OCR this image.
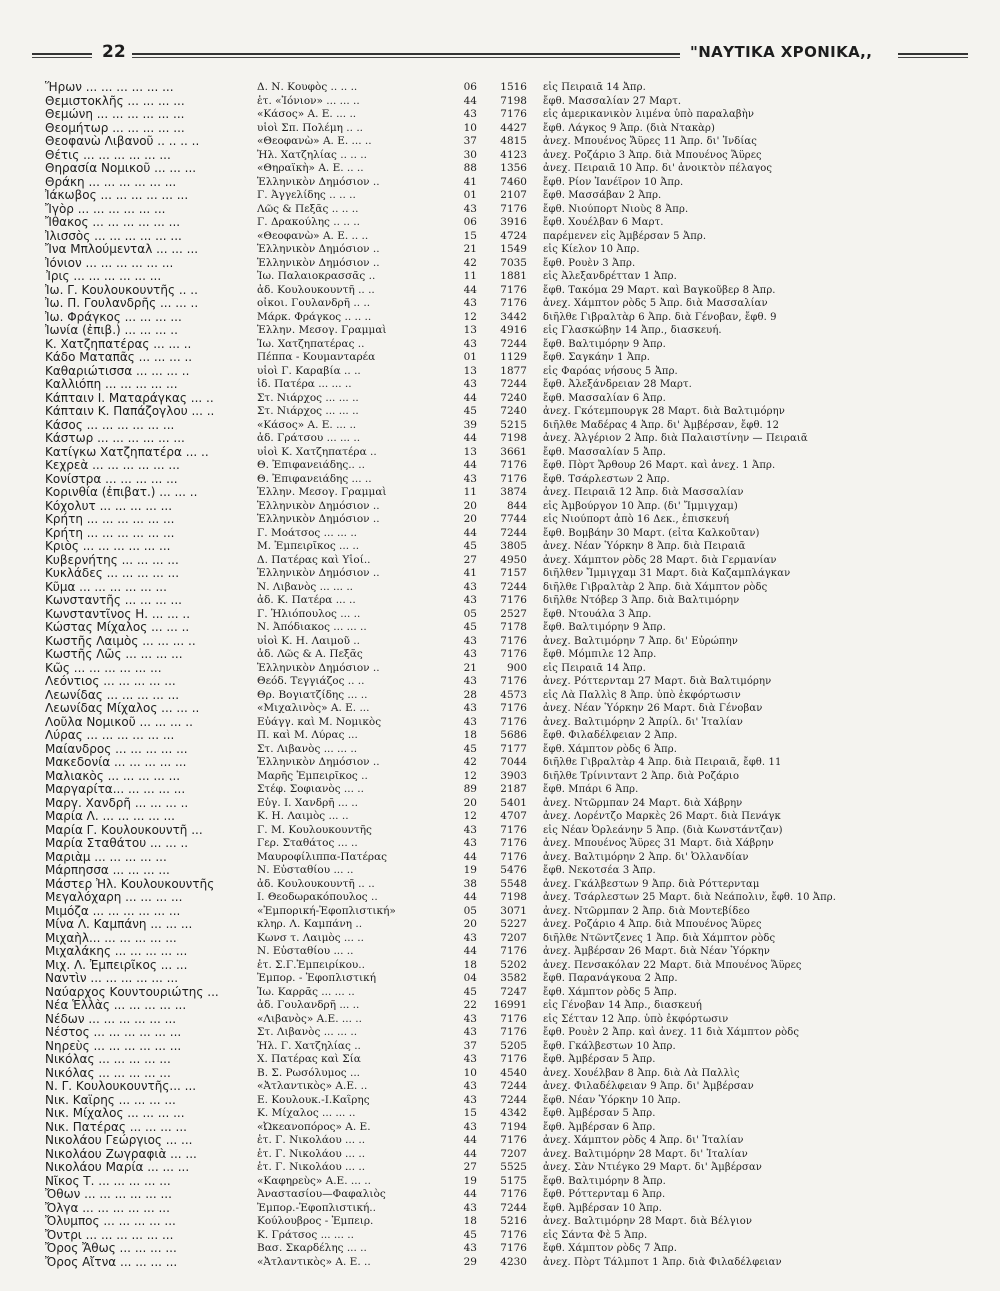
22	"ΝΑΥΤΙΚΑ ΧΡΟΝΙΚΑ,,
Ἥρων ... ... ... ... ... ...	Δ. Ν. Κουφὸς .. .. ..	06	1516 εἰς Πειραιᾶ 14 Ἀπρ.
Θεμιστοκλῆς ... ... ... ...	ἑτ. «Ἰόνιον» ... ... ..	44	7198 ἔφθ. Μασσαλίαν 27 Μαρτ.
Θεμώνη ... ... ... ... ... ...	«Κάσος» Α. Ε. ... ..	43	7176 εἰς ἀμερικανικὸν λιμένα ὑπὸ παραλαβὴν
Θεομήτωρ ... ... ... ... ...	υἱοὶ Σπ. Πολέμη .. ..	10	4427 ἔφθ. Λάγκος 9 Ἀπρ. (διὰ Ντακὰρ)
Θεοφανὼ Λιβανοῦ .. .. .. ..	«Θεοφανὼ» Α. Ε. ... ..	37	4815 ἀνεχ. Μπουένος Ἄϋρες 11 Ἀπρ. δι' Ἰνδίας
Θέτις ... ... ... ... ... ...	Ἠλ. Χατζηλίας .. .. ..	30	4123 ἀνεχ. Ροζάριο 3 Ἀπρ. διὰ Μπουένος Ἄϋρες
Θηρασία Νομικοῦ ... ... ...	«Θηραϊκὴ» Α. Ε. .. ..	88	1356 ἀνεχ. Πειραιᾶ 10 Ἀπρ. δι' ἀνοικτὸν πέλαγος
Θράκη ... ... ... ... ... ...	Ἑλληνικὸν Δημόσιον ..	41	7460 ἔφθ. Ρίον Ἰανέϊρον 10 Ἀπρ.
Ἰάκωβος ... ... ... ... ... ...	Γ. Ἀγγελίδης .. .. ..	01	2107 ἔφθ. Μασσάβαν 2 Ἀπρ.
Ἴγὸρ ... ... ... ... ... ...	Λῶς & Πεξᾶς .. .. ..	43	7176 ἔφθ. Νιούπορτ Νιοὺς 8 Ἀπρ.
Ἴθακος ... ... ... ... ... ...	Γ. Δρακούλης .. .. ..	06	3916 ἔφθ. Χουέλβαν 6 Μαρτ.
Ἰλισσὸς ... ... ... ... ... ...	«Θεοφανὼ» Α. Ε. .. ..	15	4724 παρέμενεν εἰς Ἀμβέρσαν 5 Ἀπρ.
Ἴνα Μπλούμενταλ ... ... ...	Ἑλληνικὸν Δημόσιον ..	21	1549 εἰς Κίελον 10 Ἀπρ.
Ἰόνιον ... ... ... ... ... ...	Ἑλληνικὸν Δημόσιον ..	42	7035 ἔφθ. Ρουὲν 3 Ἀπρ.
Ἶρις ... ... ... ... ... ...	Ἰω. Παλαιοκρασσᾶς ..	11	1881 εἰς Ἀλεξανδρέτταν 1 Ἀπρ.
Ἰω. Γ. Κουλουκουντῆς .. ..	ἀδ. Κουλουκουντῆ .. ..	44	7176 ἔφθ. Τακόμα 29 Μαρτ. καὶ Βαγκοῦβερ 8 Ἀπρ.
Ἰω. Π. Γουλανδρῆς ... ... ..	οἶκοι. Γουλανδρῆ .. ..	43	7176 ἀνεχ. Χάμπτον ρὸδς 5 Ἀπρ. διὰ Μασσαλίαν
Ἰω. Φράγκος ... ... ... ...	Μάρκ. Φράγκος .. .. ..	12	3442 διῆλθε Γιβραλτὰρ 6 Ἀπρ. διὰ Γένοβαν, ἔφθ. 9
Ἰωνία (ἐπιβ.) ... ... ... ..	Ἑλλην. Μεσογ. Γραμμαὶ	13	4916 εἰς Γλασκώβην 14 Ἀπρ., διασκευή.
Κ. Χατζηπατέρας ... ... ..	Ἰω. Χατζηπατέρας ..	43	7244 ἔφθ. Βαλτιμόρην 9 Ἀπρ.
Κάδο Ματαπᾶς ... ... ... ..	Πέππα - Κουμανταρέα	01	1129 ἔφθ. Σαγκάην 1 Ἀπρ.
Καθαριώτισσα ... ... ... ..	υἱοὶ Γ. Καραβία .. ..	13	1877 εἰς Φαρόας νήσους 5 Ἀπρ.
Καλλιόπη ... ... ... ... ...	ἰδ. Πατέρα ... ... ..	43	7244 ἔφθ. Ἀλεξάνδρειαν 28 Μαρτ.
Κάπταιν Ι. Ματαράγκας ... ..	Στ. Νιάρχος ... ... ..	44	7240 ἔφθ. Μασσαλίαν 6 Ἀπρ.
Κάπταιν Κ. Παπάζογλου ... ..	Στ. Νιάρχος ... ... ..	45	7240 ἀνεχ. Γκότεμπουργκ 28 Μαρτ. διὰ Βαλτιμόρην
Κάσος ... ... ... ... ... ...	«Κάσος» Α. Ε. ... ..	39	5215 διῆλθε Μαδέρας 4 Ἀπρ. δι' Ἀμβέρσαν, ἔφθ. 12
Κάστωρ ... ... ... ... ... ...	ἀδ. Γράτσου ... ... ..	44	7198 ἀνεχ. Ἀλγέριον 2 Ἀπρ. διὰ Παλαιστίνην — Πειραιᾶ
Κατίγκω Χατζηπατέρα ... ..	υἱοὶ Κ. Χατζηπατέρα ..	13	3661 ἔφθ. Μασσαλίαν 5 Ἀπρ.
Κεχρεὰ ... ... ... ... ... ...	Θ. Ἐπιφανειάδης.. ..	44	7176 ἔφθ. Πὸρτ Ἄρθουρ 26 Μαρτ. καὶ ἀνεχ. 1 Ἀπρ.
Κονίστρα ... ... ... ... ...	Θ. Ἐπιφανειάδης ... ..	43	7176 ἔφθ. Τσάρλεστων 2 Ἀπρ.
Κορινθία (ἐπιβατ.) ... ... ..	Ἑλλην. Μεσογ. Γραμμαὶ	11	3874 ἀνεχ. Πειραιᾶ 12 Ἀπρ. διὰ Μασσαλίαν
Κόχολυτ ... ... ... ... ...	Ἑλληνικὸν Δημόσιον ..	20	844 εἰς Ἀμβούργον 10 Ἀπρ. (δι' Ἴμμιγχαμ)
Κρήτη ... ... ... ... ... ...	Ἑλληνικὸν Δημόσιον ..	20	7744 εἰς Νιούπορτ ἀπὸ 16 Δεκ., ἐπισκευή
Κρήτη ... ... ... ... ... ...	Γ. Μοάτσος ... ... ..	44	7244 ἔφθ. Βομβάην 30 Μαρτ. (εἶτα Καλκοῦταν)
Κριὸς ... ... ... ... ... ...	Μ. Ἐμπειρῖκος ... ..	45	3805 ἀνεχ. Νέαν Ὑόρκην 8 Ἀπρ. διὰ Πειραιᾶ
Κυβερνήτης ... ... ... ...	Δ. Πατέρας καὶ Υἱοί..	27	4950 ἀνεχ. Χάμπτον ρὸδς 28 Μαρτ. διὰ Γερμανίαν
Κυκλάδες ... ... ... ... ...	Ἑλληνικὸν Δημόσιον ..	41	7157 διῆλθεν Ἴμμιγχαμ 31 Μαρτ. διὰ Καζαμπλάγκαν
Κῦμα ... ... ... ... ... ...	Ν. Λιβανὸς ... ... ..	43	7244 διῆλθε Γιβραλτὰρ 2 Ἀπρ. διὰ Χάμπτον ρὸδς
Κωνσταντῆς ... ... ... ...	ἀδ. Κ. Πατέρα ... ..	43	7176 διῆλθε Ντόβερ 3 Ἀπρ. διὰ Βαλτιμόρην
Κωνσταντῖνος Η. ... ... ..	Γ. Ἡλιόπουλος ... ..	05	2527 ἔφθ. Ντουάλα 3 Ἀπρ.
Κώστας Μίχαλος ... ... ..	Ν. Ἀπόδιακος ... ... ..	45	7178 ἔφθ. Βαλτιμόρην 9 Ἀπρ.
Κωστῆς Λαιμὸς ... ... ... ..	υἱοὶ Κ. Η. Λαιμοῦ ..	43	7176 ἀνεχ. Βαλτιμόρην 7 Ἀπρ. δι' Εὐρώπην
Κωστῆς Λῶς ... ... ... ...	ἀδ. Λῶς & Α. Πεξᾶς	43	7176 ἔφθ. Μόμπιλε 12 Ἀπρ.
Κῶς ... ... ... ... ... ...	Ἑλληνικὸν Δημόσιον ..	21	900 εἰς Πειραιᾶ 14 Ἀπρ.
Λεόντιος ... ... ... ... ...	Θεόδ. Τεγγιάζος .. ..	43	7176 ἀνεχ. Ρόττερνταμ 27 Μαρτ. διὰ Βαλτιμόρην
Λεωνίδας ... ... ... ... ...	Θρ. Βογιατζίδης ... ..	28	4573 εἰς Λὰ Παλλὶς 8 Ἀπρ. ὑπὸ ἐκφόρτωσιν
Λεωνίδας Μίχαλος ... ... ..	«Μιχαλινὸς» Α. Ε. ...	43	7176 ἀνεχ. Νέαν Ὑόρκην 26 Μαρτ. διὰ Γένοβαν
Λοῦλα Νομικοῦ ... ... ... ..	Εὐάγγ. καὶ Μ. Νομικὸς	43	7176 ἀνεχ. Βαλτιμόρην 2 Ἀπρίλ. δι' Ἰταλίαν
Λύρας ... ... ... ... ... ...	Π. καὶ Μ. Λύρας ...	18	5686 ἔφθ. Φιλαδέλφειαν 2 Ἀπρ.
Μαίανδρος ... ... ... ... ...	Στ. Λιβανὸς ... ... ..	45	7177 ἔφθ. Χάμπτον ρὸδς 6 Ἀπρ.
Μακεδονία ... ... ... ... ...	Ἑλληνικὸν Δημόσιον ..	42	7044 διῆλθε Γιβραλτὰρ 4 Ἀπρ. διὰ Πειραιᾶ, ἔφθ. 11
Μαλιακὸς ... ... ... ... ...	Μαρῆς Ἐμπειρῖκος ..	12	3903 διῆλθε Τρίνινταντ 2 Ἀπρ. διὰ Ροζάριο
Μαργαρίτα... ... ... ... ...	Στέφ. Σοφιανὸς ... ..	89	2187 ἔφθ. Μπάρι 6 Ἀπρ.
Μαργ. Χανδρῆ ... ... ... ..	Εὐγ. Ι. Χανδρῆ ... ..	20	5401 ἀνεχ. Ντῶρμπαν 24 Μαρτ. διὰ Χάβρην
Μαρία Λ. ... ... ... ... ...	Κ. Η. Λαιμὸς ... ..	12	4707 ἀνεχ. Λορέντζο Μαρκὲς 26 Μαρτ. διὰ Πενάγκ
Μαρία Γ. Κουλουκουντῆ ...	Γ. Μ. Κουλουκουντῆς	43	7176 εἰς Νέαν Ὀρλεάνην 5 Ἀπρ. (διὰ Κωνστάντζαν)
Μαρία Σταθάτου ... ... ..	Γερ. Σταθάτος ... ..	43	7176 ἀνεχ. Μπουένος Ἄϋρες 31 Μαρτ. διὰ Χάβρην
Μαριὰμ ... ... ... ... ...	Μαυροφίλιππα-Πατέρας	44	7176 ἀνεχ. Βαλτιμόρην 2 Ἀπρ. δι' Ὀλλανδίαν
Μάρπησσα ... ... ... ...	Ν. Εὐσταθίου ... ..	19	5476 ἔφθ. Νεκοτσέα 3 Ἀπρ.
Μάστερ Ἠλ. Κουλουκουντῆς	ἀδ. Κουλουκουντῆ .. ..	38	5548 ἀνεχ. Γκάλβεστων 9 Ἀπρ. διὰ Ρόττερνταμ
Μεγαλόχαρη ... ... ... ...	Ι. Θεοδωρακόπουλος ..	44	7198 ἀνεχ. Τσάρλεστων 25 Μαρτ. διὰ Νεάπολιν, ἔφθ. 10 Ἀπρ.
Μιμόζα ... ... ... ... ... ...	«Ἐμπορική-Ἐφοπλιστική»	05	3071 ἀνεχ. Ντῶρμπαν 2 Ἀπρ. διὰ Μοντεβίδεο
Μίνα Λ. Καμπάνη ... ... ...	κληρ. Λ. Καμπάνη ..	20	5227 ἀνεχ. Ροζάριο 4 Ἀπρ. διὰ Μπουένος Ἄϋρες
Μιχαὴλ... ... ... ... ... ...	Κωνσ τ. Λαιμὸς ... ..	43	7207 διῆλθε Ντῶντζενες 1 Ἀπρ. διὰ Χάμπτον ρὸδς
Μιχαλάκης ... ... ... ... ...	Ν. Εὐσταθίου ... ..	44	7176 ἀνεχ. Ἀμβέρσαν 26 Μαρτ. διὰ Νέαν Ὑόρκην
Μιχ. Λ. Ἐμπειρῖκος ... ...	ἑτ. Σ.Γ.Ἐμπειρίκου..	18	5202 ἀνεχ. Πενσακόλαν 22 Μαρτ. διὰ Μπουένος Ἄϋρες
Ναντὶν ... ... ... ... ... ...	Ἐμπορ. - Ἐφοπλιστική	04	3582 ἔφθ. Παρανάγκουα 2 Ἀπρ.
Ναύαρχος Κουντουριώτης ...	Ἰω. Καρρᾶς ... ... ..	45	7247 ἔφθ. Χάμπτον ρὸδς 5 Ἀπρ.
Νέα Ἑλλὰς ... ... ... ... ...	ἀδ. Γουλανδρῆ ... ..	22	16991 εἰς Γένοβαν 14 Ἀπρ., διασκευή
Νέδων ... ... ... ... ... ...	«Λιβανὸς» Α.Ε. ... ..	43	7176 εἰς Σέτταν 12 Ἀπρ. ὑπὸ ἐκφόρτωσιν
Νέστος ... ... ... ... ... ...	Στ. Λιβανὸς ... ... ..	43	7176 ἔφθ. Ρουὲν 2 Ἀπρ. καὶ ἀνεχ. 11 διὰ Χάμπτον ρὸδς
Νηρεὺς ... ... ... ... ... ...	Ἠλ. Γ. Χατζηλίας ..	37	5205 ἔφθ. Γκάλβεστων 10 Ἀπρ.
Νικόλας ... ... ... ... ...	Χ. Πατέρας καὶ Σία	43	7176 ἔφθ. Ἀμβέρσαν 5 Ἀπρ.
Νικόλας ... ... ... ... ...	Β. Σ. Ρωσόλυμος ...	10	4540 ἀνεχ. Χουέλβαν 8 Ἀπρ. διὰ Λὰ Παλλὶς
Ν. Γ. Κουλουκουντῆς... ...	«Ἀτλαντικὸς» Α.Ε. ..	43	7244 ἀνεχ. Φιλαδέλφειαν 9 Ἀπρ. δι' Ἀμβέρσαν
Νικ. Καΐρης ... ... ... ...	Ε. Κουλουκ.-Ι.Καΐρης	43	7244 ἔφθ. Νέαν Ὑόρκην 10 Ἀπρ.
Νικ. Μίχαλος ... ... ... ...	Κ. Μίχαλος ... ... ..	15	4342 ἔφθ. Ἀμβέρσαν 5 Ἀπρ.
Νικ. Πατέρας ... ... ... ...	«Ὠκεανοπόρος» Α. Ε.	43	7194 ἔφθ. Ἀμβέρσαν 6 Ἀπρ.
Νικολάου Γεώργιος ... ...	ἑτ. Γ. Νικολάου ... ..	44	7176 ἀνεχ. Χάμπτον ρὸδς 4 Ἀπρ. δι' Ἰταλίαν
Νικολάου Ζωγραφιὰ ... ...	ἑτ. Γ. Νικολάου ... ..	44	7207 ἀνεχ. Βαλτιμόρην 28 Μαρτ. δι' Ἰταλίαν
Νικολάου Μαρία ... ... ...	ἑτ. Γ. Νικολάου ... ..	27	5525 ἀνεχ. Σὰν Ντιέγκο 29 Μαρτ. δι' Ἀμβέρσαν
Νῖκος Τ. ... ... ... ... ...	«Καφηρεὺς» Α.Ε. ... ..	19	5175 ἔφθ. Βαλτιμόρην 8 Ἀπρ.
Ὄθων ... ... ... ... ... ...	Ἀναστασίου—Φαφαλιὸς	44	7176 ἔφθ. Ρόττερνταμ 6 Ἀπρ.
Ὄλγα ... ... ... ... ... ...	Ἐμπορ.-Ἐφοπλιστική..	43	7244 ἔφθ. Ἀμβέρσαν 10 Ἀπρ.
Ὄλυμπος ... ... ... ... ...	Κούλουβρος - Ἐμπειρ.	18	5216 ἀνεχ. Βαλτιμόρην 28 Μαρτ. διὰ Βέλγιον
Ὄντρι ... ... ... ... ... ...	Κ. Γράτσος ... ... ..	45	7176 εἰς Σάντα Φὲ 5 Ἀπρ.
Ὄρος Ἄθως ... ... ... ...	Βασ. Σκαρδέλης ... ..	43	7176 ἔφθ. Χάμπτον ρὸδς 7 Ἀπρ.
Ὄρος Αἴτνα ... ... ... ...	«Ἀτλαντικὸς» Α. Ε. ..	29	4230 ἀνεχ. Πὸρτ Τάλμποτ 1 Ἀπρ. διὰ Φιλαδέλφειαν
